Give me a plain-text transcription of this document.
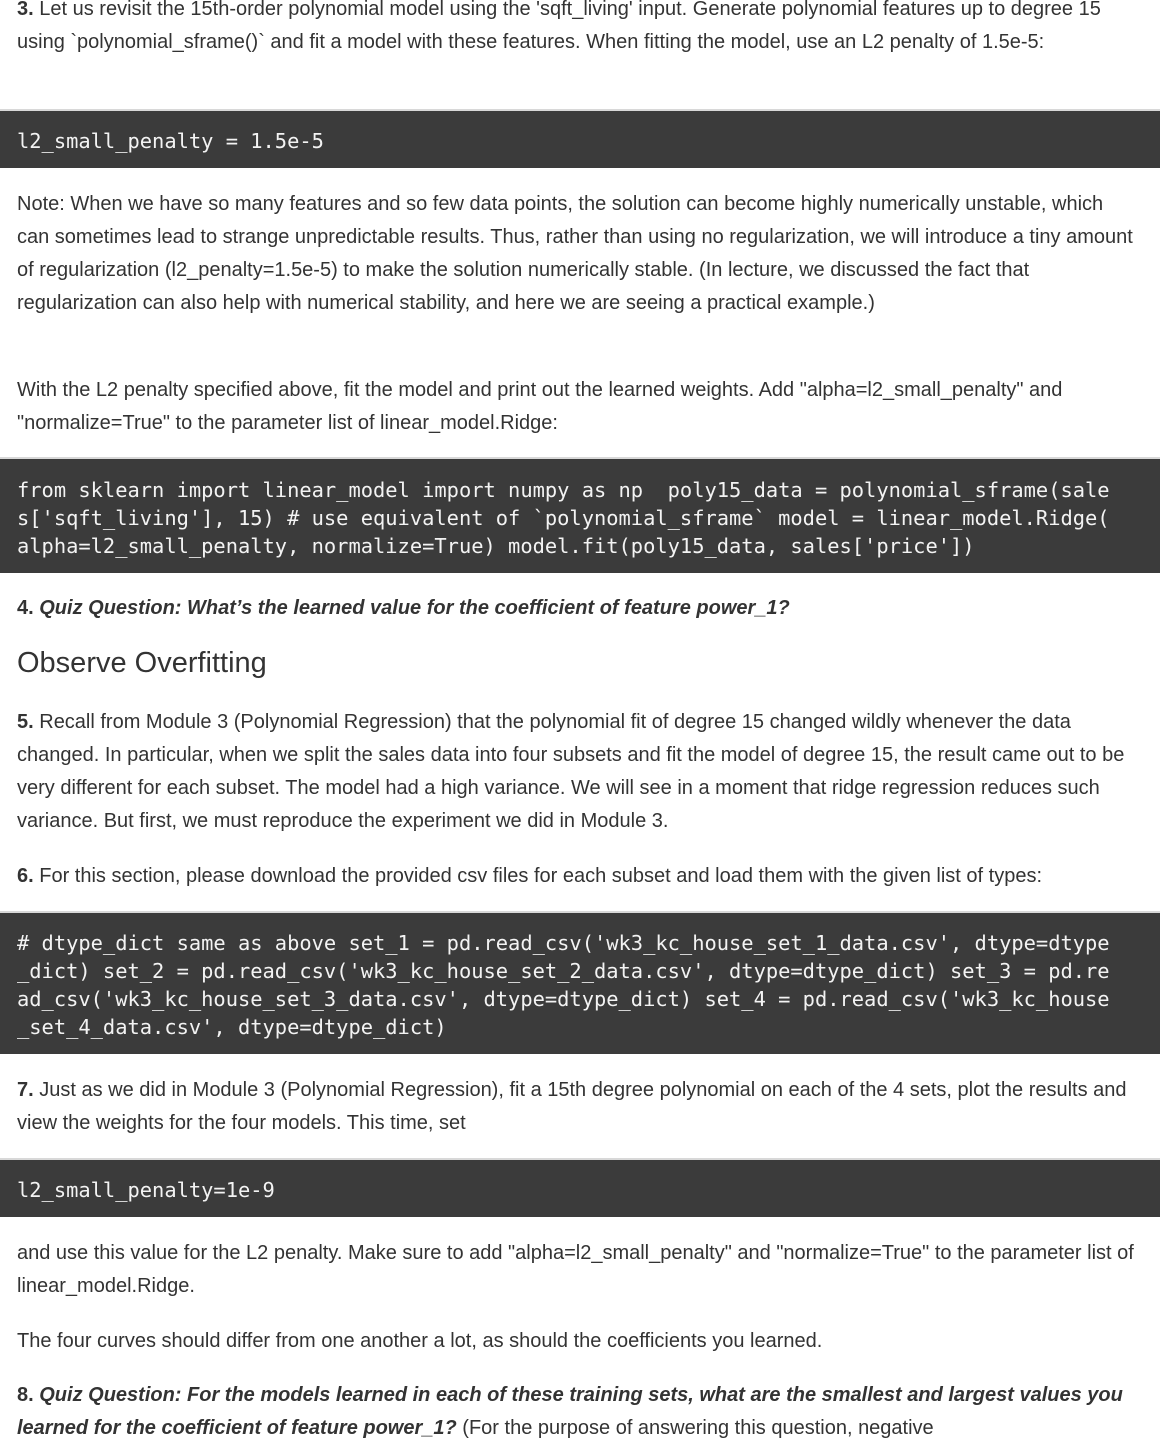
3. Let us revisit the 15th-order polynomial model using the 'sqft_living' input. Generate polynomial features up to degree 15 using `polynomial_sframe()` and fit a model with these features. When fitting the model, use an L2 penalty of 1.5e-5:

l2_small_penalty = 1.5e-5

Note: When we have so many features and so few data points, the solution can become highly numerically unstable, which can sometimes lead to strange unpredictable results. Thus, rather than using no regularization, we will introduce a tiny amount of regularization (l2_penalty=1.5e-5) to make the solution numerically stable. (In lecture, we discussed the fact that regularization can also help with numerical stability, and here we are seeing a practical example.)

With the L2 penalty specified above, fit the model and print out the learned weights. Add "alpha=l2_small_penalty" and "normalize=True" to the parameter list of linear_model.Ridge:

from sklearn import linear_model import numpy as np  poly15_data = polynomial_sframe(sale
s['sqft_living'], 15) # use equivalent of `polynomial_sframe` model = linear_model.Ridge(
alpha=l2_small_penalty, normalize=True) model.fit(poly15_data, sales['price'])

4. Quiz Question: What’s the learned value for the coefficient of feature power_1?

Observe Overfitting

5. Recall from Module 3 (Polynomial Regression) that the polynomial fit of degree 15 changed wildly whenever the data changed. In particular, when we split the sales data into four subsets and fit the model of degree 15, the result came out to be very different for each subset. The model had a high variance. We will see in a moment that ridge regression reduces such variance. But first, we must reproduce the experiment we did in Module 3.

6. For this section, please download the provided csv files for each subset and load them with the given list of types:

# dtype_dict same as above set_1 = pd.read_csv('wk3_kc_house_set_1_data.csv', dtype=dtype
_dict) set_2 = pd.read_csv('wk3_kc_house_set_2_data.csv', dtype=dtype_dict) set_3 = pd.re
ad_csv('wk3_kc_house_set_3_data.csv', dtype=dtype_dict) set_4 = pd.read_csv('wk3_kc_house
_set_4_data.csv', dtype=dtype_dict)

7. Just as we did in Module 3 (Polynomial Regression), fit a 15th degree polynomial on each of the 4 sets, plot the results and view the weights for the four models. This time, set

l2_small_penalty=1e-9

and use this value for the L2 penalty. Make sure to add "alpha=l2_small_penalty" and "normalize=True" to the parameter list of linear_model.Ridge.

The four curves should differ from one another a lot, as should the coefficients you learned.

8. Quiz Question: For the models learned in each of these training sets, what are the smallest and largest values you learned for the coefficient of feature power_1? (For the purpose of answering this question, negative
